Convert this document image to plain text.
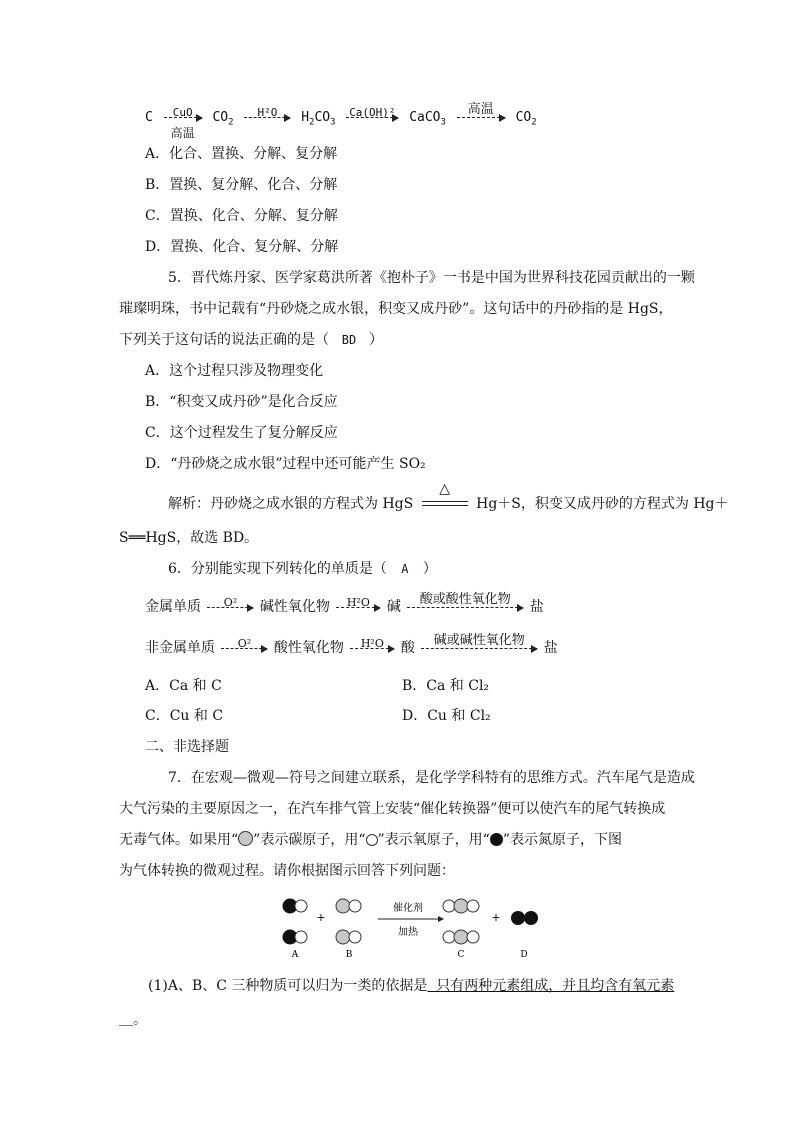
C	CuO
高温
$CO_2$
H²O	$H_2CO_3$
Ca(OH)² CaCO$_3$
高温
$CO_2$
A．化合、置换、分解、复分解
B．置换、复分解、化合、分解
C．置换、化合、分解、复分解
D．置换、化合、复分解、分解
5．晋代炼丹家、医学家葛洪所著《抱朴子》一书是中国为世界科技花园贡献出的一颗
璀璨明珠，书中记载有“丹砂烧之成水银，积变又成丹砂”。这句话中的丹砂指的是 HgS，
下列关于这句话的说法正确的是（ BD ）
A．这个过程只涉及物理变化
B．“积变又成丹砂”是化合反应
C．这个过程发生了复分解反应
D．“丹砂烧之成水银”过程中还可能产生 SO₂
解析：丹砂烧之成水银的方程式为 HgS
△
Hg＋S，积变又成丹砂的方程式为 Hg＋
S══HgS，故选 BD。
6．分别能实现下列转化的单质是（ A ）
金属单质	O²	碱性氧化物	H²O	碱	酸或酸性氧化物	盐
非金属单质	O²	酸性氧化物	H²O	酸	碱或碱性氧化物	盐
A．Ca 和 C	B．Ca 和 Cl₂
C．Cu 和 C	D．Cu 和 Cl₂
二、非选择题
7．在宏观—微观—符号之间建立联系，是化学学科特有的思维方式。汽车尾气是造成
大气污染的主要原因之一，在汽车排气管上安装“催化转换器”便可以使汽车的尾气转换成
无毒气体。如果用“ ”表示碳原子，用“ ”表示氧原子，用“ ”表示氮原子，下图
为气体转换的微观过程。请你根据图示回答下列问题：
+
催化剂
加热
+
A	B	C	D
(1)A、B、C 三种物质可以归为一类的依据是  只有两种元素组成，并且均含有氧元素
＿。
